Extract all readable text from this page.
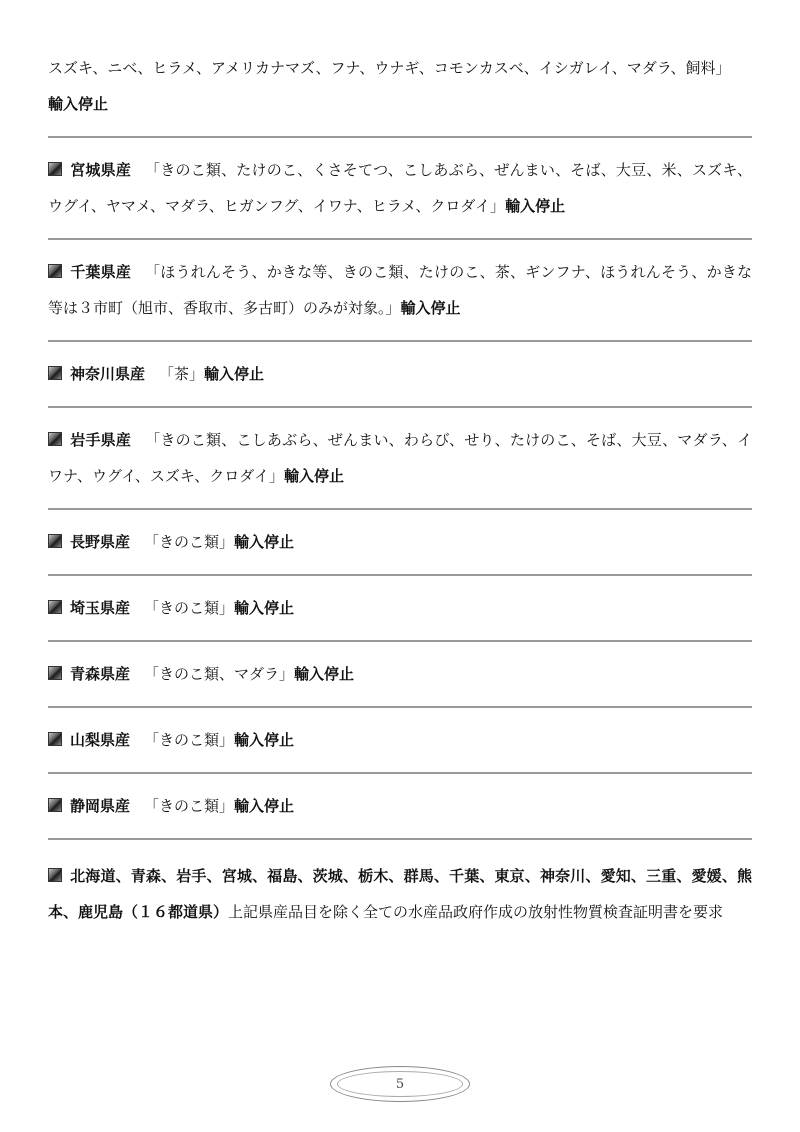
スズキ、ニベ、ヒラメ、アメリカナマズ、フナ、ウナギ、コモンカスベ、イシガレイ、マダラ、飼料」
輸入停止
宮城県産 「きのこ類、たけのこ、くさそてつ、こしあぶら、ぜんまい、そば、大豆、米、スズキ、ウグイ、ヤマメ、マダラ、ヒガンフグ、イワナ、ヒラメ、クロダイ」輸入停止
千葉県産 「ほうれんそう、かきな等、きのこ類、たけのこ、茶、ギンフナ、ほうれんそう、かきな等は３市町（旭市、香取市、多古町）のみが対象。」輸入停止
神奈川県産 「茶」輸入停止
岩手県産 「きのこ類、こしあぶら、ぜんまい、わらび、せり、たけのこ、そば、大豆、マダラ、イワナ、ウグイ、スズキ、クロダイ」輸入停止
長野県産 「きのこ類」輸入停止
埼玉県産 「きのこ類」輸入停止
青森県産 「きのこ類、マダラ」輸入停止
山梨県産 「きのこ類」輸入停止
静岡県産 「きのこ類」輸入停止
北海道、青森、岩手、宮城、福島、茨城、栃木、群馬、千葉、東京、神奈川、愛知、三重、愛媛、熊本、鹿児島（１６都道県）上記県産品目を除く全ての水産品政府作成の放射性物質検査証明書を要求
5
